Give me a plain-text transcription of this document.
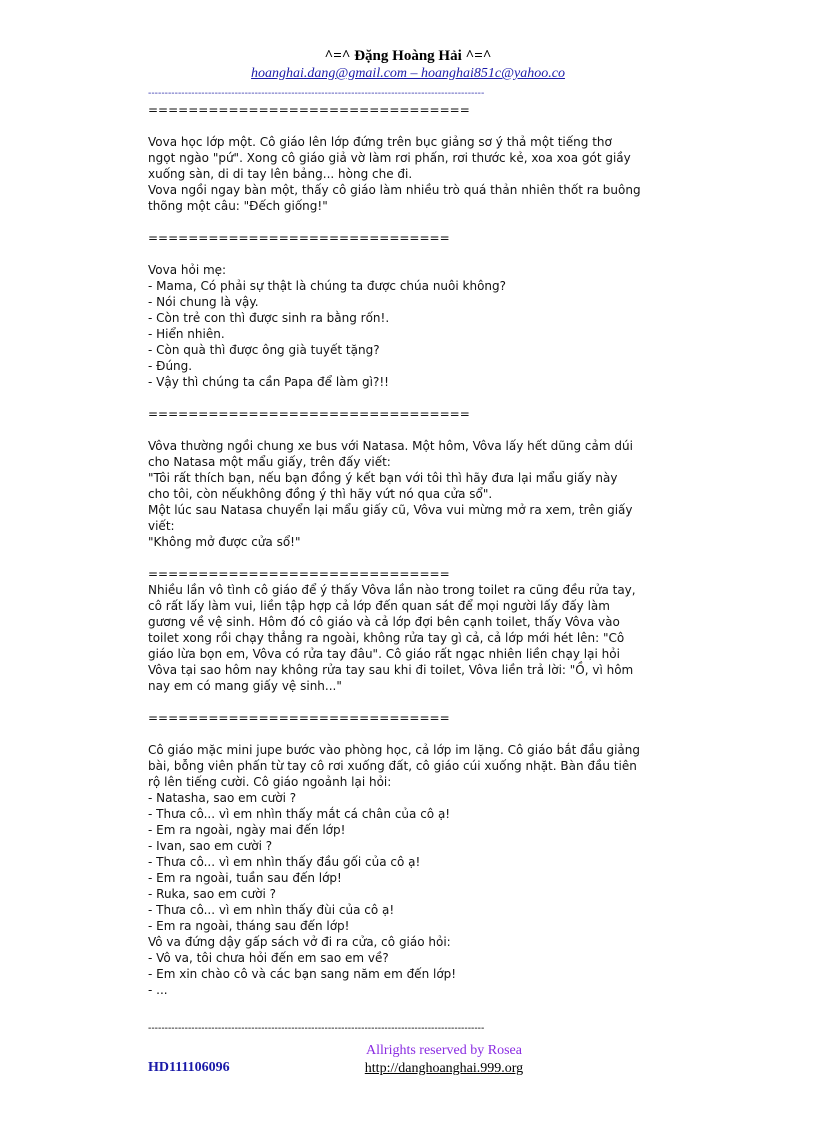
^=^ Đặng Hoàng Hải ^=^
hoanghai.dang@gmail.com – hoanghai851c@yahoo.co
-----------------------------------------------------------------------------------------------------

================================

Vova học lớp một. Cô giáo lên lớp đứng trên bục giảng sơ ý thả một tiếng thơ

ngọt ngào "pứ". Xong cô giáo giả vờ làm rơi phấn, rơi thước kẻ, xoa xoa gót giầy

xuống sàn, di di tay lên bảng... hòng che đi.

Vova ngồi ngay bàn một, thấy cô giáo làm nhiều trò quá thản nhiên thốt ra buông

thõng một câu: "Đếch giống!"

==============================

Vova hỏi mẹ:

- Mama, Có phải sự thật là chúng ta được chúa nuôi không?

- Nói chung là vậy.

- Còn trẻ con thì được sinh ra bằng rốn!.

- Hiển nhiên.

- Còn quà thì được ông già tuyết tặng?

- Đúng.

- Vậy thì chúng ta cần Papa để làm gì?!!

================================

Vôva thường ngồi chung xe bus với Natasa. Một hôm, Vôva lấy hết dũng cảm dúi

cho Natasa một mẩu giấy, trên đấy viết:

"Tôi rất thích bạn, nếu bạn đồng ý kết bạn với tôi thì hãy đưa lại mẩu giấy này

cho tôi, còn nếukhông đồng ý thì hãy vứt nó qua cửa sổ".

Một lúc sau Natasa chuyển lại mẩu giấy cũ, Vôva vui mừng mở ra xem, trên giấy

viết:

"Không mở được cửa sổ!"

==============================

Nhiều lần vô tình cô giáo để ý thấy Vôva lần nào trong toilet ra cũng đều rửa tay,

cô rất lấy làm vui, liền tập hợp cả lớp đến quan sát để mọi người lấy đấy làm

gương về vệ sinh. Hôm đó cô giáo và cả lớp đợi bên cạnh toilet, thấy Vôva vào

toilet xong rồi chạy thẳng ra ngoài, không rửa tay gì cả, cả lớp mới hét lên: "Cô

giáo lừa bọn em, Vôva có rửa tay đâu". Cô giáo rất ngạc nhiên liền chạy lại hỏi

Vôva tại sao hôm nay không rửa tay sau khi đi toilet, Vôva liền trả lời: "Ồ, vì hôm

nay em có mang giấy vệ sinh..."

==============================

Cô giáo mặc mini jupe bước vào phòng học, cả lớp im lặng. Cô giáo bắt đầu giảng

bài, bỗng viên phấn từ tay cô rơi xuống đất, cô giáo cúi xuống nhặt. Bàn đầu tiên

rộ lên tiếng cười. Cô giáo ngoảnh lại hỏi:

- Natasha, sao em cười ?

- Thưa cô... vì em nhìn thấy mắt cá chân của cô ạ!

- Em ra ngoài, ngày mai đến lớp!

- Ivan, sao em cười ?

- Thưa cô... vì em nhìn thấy đầu gối của cô ạ!

- Em ra ngoài, tuần sau đến lớp!

- Ruka, sao em cười ?

- Thưa cô... vì em nhìn thấy đùi của cô ạ!

- Em ra ngoài, tháng sau đến lớp!

Vô va đứng dậy gấp sách vở đi ra cửa, cô giáo hỏi:

- Vô va, tôi chưa hỏi đến em sao em về?

- Em xin chào cô và các bạn sang năm em đến lớp!

- ...

-----------------------------------------------------------------------------------------------------
Allrights reserved by Rosea
http://danghoanghai.999.org
HD111106096
